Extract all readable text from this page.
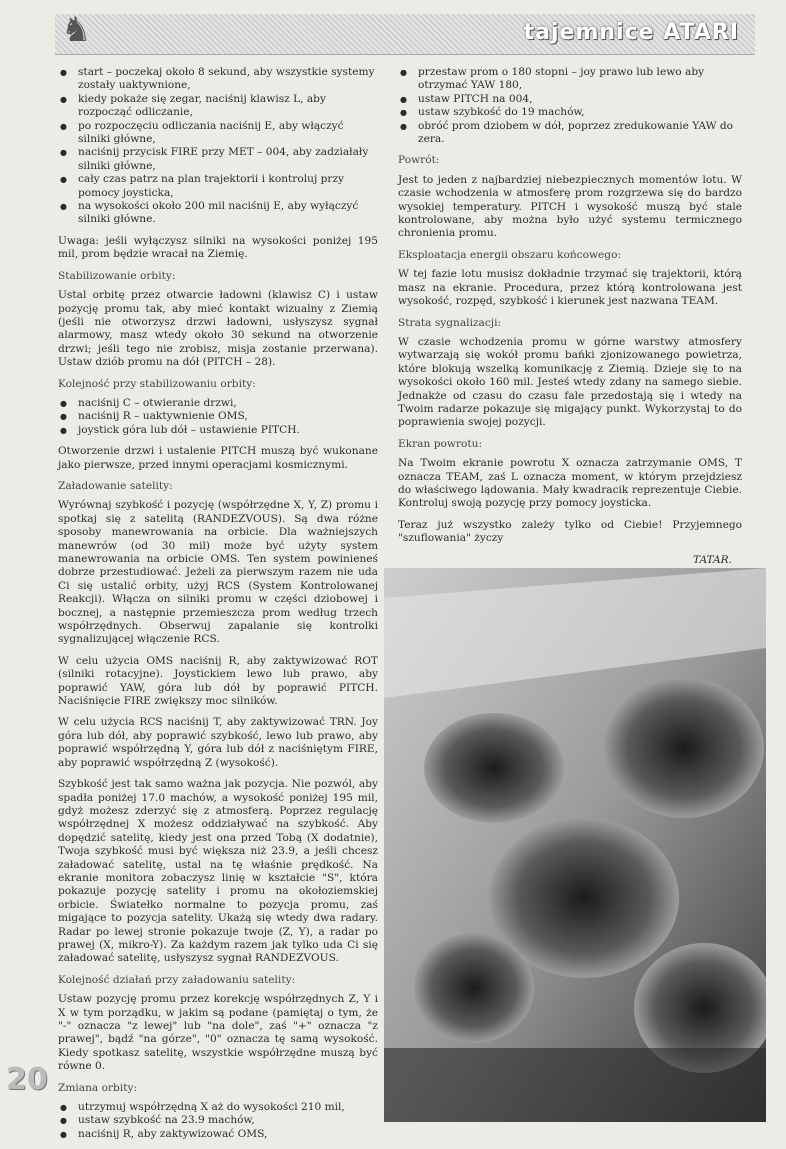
♞	tajemnice ATARI
● start – poczekaj około 8 sekund, aby wszystkie systemy zostały uaktywnione,
● kiedy pokaże się zegar, naciśnij klawisz L, aby rozpocząć odliczanie,
● po rozpoczęciu odliczania naciśnij E, aby włączyć silniki główne,
● naciśnij przycisk FIRE przy MET – 004, aby zadziałały silniki główne,
● cały czas patrz na plan trajektorii i kontroluj przy pomocy joysticka,
● na wysokości około 200 mil naciśnij E, aby wyłączyć silniki główne.

Uwaga: jeśli wyłączysz silniki na wysokości poniżej 195 mil, prom będzie wracał na Ziemię.

Stabilizowanie orbity:

Ustal orbitę przez otwarcie ładowni (klawisz C) i ustaw pozycję promu tak, aby mieć kontakt wizualny z Ziemią (jeśli nie otworzysz drzwi ładowni, usłyszysz sygnał alarmowy, masz wtedy około 30 sekund na otworzenie drzwi; jeśli tego nie zrobisz, misja zostanie przerwana). Ustaw dziób promu na dół (PITCH – 28).

Kolejność przy stabilizowaniu orbity:

● naciśnij C – otwieranie drzwi,
● naciśnij R – uaktywnienie OMS,
● joystick góra lub dół – ustawienie PITCH.

Otworzenie drzwi i ustalenie PITCH muszą być wukonane jako pierwsze, przed innymi operacjami kosmicznymi.

Załadowanie satelity:

Wyrównaj szybkość i pozycję (współrzędne X, Y, Z) promu i spotkaj się z satelitą (RANDEZVOUS). Są dwa różne sposoby manewrowania na orbicie. Dla ważniejszych manewrów (od 30 mil) może być użyty system manewrowania na orbicie OMS. Ten system powinieneś dobrze przestudiować. Jeżeli za pierwszym razem nie uda Ci się ustalić orbity, użyj RCS (System Kontrolowanej Reakcji). Włącza on silniki promu w części dziobowej i bocznej, a następnie przemieszcza prom według trzech współrzędnych. Obserwuj zapalanie się kontrolki sygnalizującej włączenie RCS.

W celu użycia OMS naciśnij R, aby zaktywizować ROT (silniki rotacyjne). Joystickiem lewo lub prawo, aby poprawić YAW, góra lub dół by poprawić PITCH. Naciśnięcie FIRE zwiększy moc silników.

W celu użycia RCS naciśnij T, aby zaktywizować TRN. Joy góra lub dół, aby poprawić szybkość, lewo lub prawo, aby poprawić współrzędną Y, góra lub dół z naciśniętym FIRE, aby poprawić współrzędną Z (wysokość).

Szybkość jest tak samo ważna jak pozycja. Nie pozwól, aby spadła poniżej 17.0 machów, a wysokość poniżej 195 mil, gdyż możesz zderzyć się z atmosferą. Poprzez regulację współrzędnej X możesz oddziaływać na szybkość. Aby dopędzić satelitę, kiedy jest ona przed Tobą (X dodatnie), Twoja szybkość musi być większa niż 23.9, a jeśli chcesz załadować satelitę, ustal na tę właśnie prędkość. Na ekranie monitora zobaczysz linię w kształcie "S", która pokazuje pozycję satelity i promu na okołoziemskiej orbicie. Światełko normalne to pozycja promu, zaś migające to pozycja satelity. Ukażą się wtedy dwa radary. Radar po lewej stronie pokazuje twoje (Z, Y), a radar po prawej (X, mikro-Y). Za każdym razem jak tylko uda Ci się załadować satelitę, usłyszysz sygnał RANDEZVOUS.

Kolejność działań przy załadowaniu satelity:

Ustaw pozycję promu przez korekcję współrzędnych Z, Y i X w tym porządku, w jakim są podane (pamiętaj o tym, że "-" oznacza "z lewej" lub "na dole", zaś "+" oznacza "z prawej", bądź "na górze", "0" oznacza tę samą wysokość. Kiedy spotkasz satelitę, wszystkie współrzędne muszą być równe 0.

Zmiana orbity:

● utrzymuj współrzędną X aż do wysokości 210 mil,
● ustaw szybkość na 23.9 machów,
● naciśnij R, aby zaktywizować OMS,
● przestaw prom o 180 stopni – joy prawo lub lewo aby otrzymać YAW 180,
● ustaw PITCH na 004,
● ustaw szybkość do 19 machów,
● obróć prom dziobem w dół, poprzez zredukowanie YAW do zera.

Powrót:

Jest to jeden z najbardziej niebezpiecznych momentów lotu. W czasie wchodzenia w atmosferę prom rozgrzewa się do bardzo wysokiej temperatury. PITCH i wysokość muszą być stale kontrolowane, aby można było użyć systemu termicznego chronienia promu.

Eksploatacja energii obszaru końcowego:

W tej fazie lotu musisz dokładnie trzymać się trajektorii, którą masz na ekranie. Procedura, przez którą kontrolowana jest wysokość, rozpęd, szybkość i kierunek jest nazwana TEAM.

Strata sygnalizacji:

W czasie wchodzenia promu w górne warstwy atmosfery wytwarzają się wokół promu bańki zjonizowanego powietrza, które blokują wszelką komunikację z Ziemią. Dzieje się to na wysokości około 160 mil. Jesteś wtedy zdany na samego siebie. Jednakże od czasu do czasu fale przedostają się i wtedy na Twoim radarze pokazuje się migający punkt. Wykorzystaj to do poprawienia swojej pozycji.

Ekran powrotu:

Na Twoim ekranie powrotu X oznacza zatrzymanie OMS, T oznacza TEAM, zaś L oznacza moment, w którym przejdziesz do właściwego lądowania. Mały kwadracik reprezentuje Ciebie. Kontroluj swoją pozycję przy pomocy joysticka.

Teraz już wszystko zależy tylko od Ciebie! Przyjemnego "szuflowania" życzy

TATAR.

20
